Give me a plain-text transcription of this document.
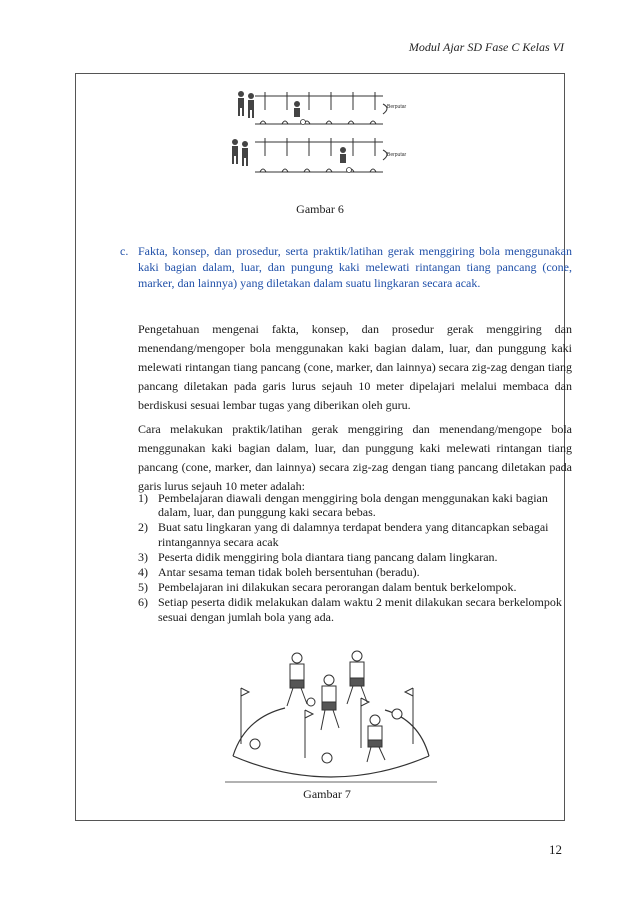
Modul Ajar SD Fase C Kelas VI
Berputar
Berputar
Gambar 6
c. Fakta, konsep, dan prosedur, serta praktik/latihan gerak menggiring bola menggunakan kaki bagian dalam, luar, dan pungung kaki melewati rintangan tiang pancang (cone, marker, dan lainnya) yang diletakan dalam suatu lingkaran secara acak.
Pengetahuan mengenai fakta, konsep, dan prosedur gerak menggiring dan menendang/mengoper bola menggunakan kaki bagian dalam, luar, dan punggung kaki melewati rintangan tiang pancang (cone, marker, dan lainnya) secara zig-zag dengan tiang pancang diletakan pada garis lurus sejauh 10 meter dipelajari melalui membaca dan berdiskusi sesuai lembar tugas yang diberikan oleh guru.
Cara melakukan praktik/latihan gerak menggiring dan menendang/mengope bola menggunakan kaki bagian dalam, luar, dan punggung kaki melewati rintangan tiang pancang (cone, marker, dan lainnya) secara zig-zag dengan tiang pancang diletakan pada garis lurus sejauh 10 meter adalah:
1) Pembelajaran diawali dengan menggiring bola dengan menggunakan kaki bagian dalam, luar, dan punggung kaki secara bebas.
2) Buat satu lingkaran yang di dalamnya terdapat bendera yang ditancapkan sebagai rintangannya secara acak
3) Peserta didik menggiring bola diantara tiang pancang dalam lingkaran.
4) Antar sesama teman tidak boleh bersentuhan (beradu).
5) Pembelajaran ini dilakukan secara perorangan dalam bentuk berkelompok.
6) Setiap peserta didik melakukan dalam waktu 2 menit dilakukan secara berkelompok sesuai dengan jumlah bola yang ada.
Gambar 7
12
